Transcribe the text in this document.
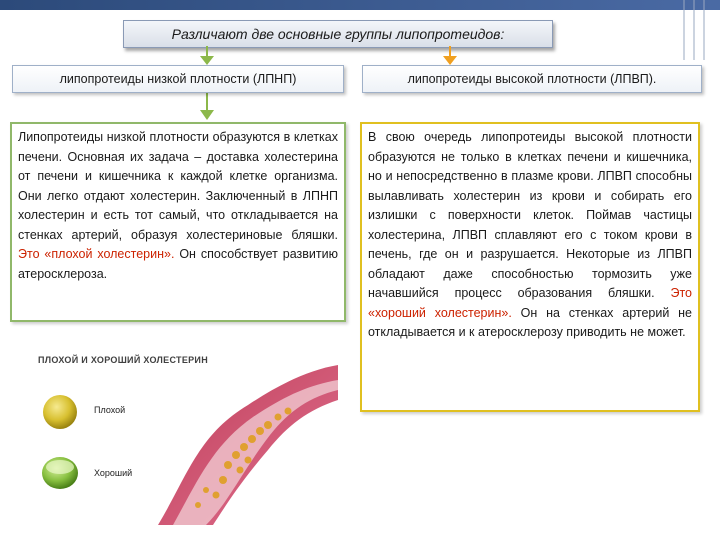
Различают две основные группы липопротеидов:
липопротеиды низкой плотности (ЛПНП)	липопротеиды высокой плотности (ЛПВП).
Липопротеиды низкой плотности образуются в клетках печени. Основная их задача – доставка холестерина от печени и кишечника к каждой клетке организма. Они легко отдают холестерин. Заключенный в ЛПНП холестерин и есть тот самый, что откладывается на стенках артерий, образуя холестериновые бляшки. Это «плохой холестерин». Он способствует развитию атеросклероза.
В свою очередь липопротеиды высокой плотности образуются не только в клетках печени и кишечника, но и непосредственно в плазме крови. ЛПВП способны вылавливать холестерин из крови и собирать его излишки с поверхности клеток. Поймав частицы холестерина, ЛПВП сплавляют его с током крови в печень, где он и разрушается. Некоторые из ЛПВП обладают даже способностью тормозить уже начавшийся процесс образования бляшки. Это «хороший холестерин». Он на стенках артерий не откладывается и к атеросклерозу приводить не может.
ПЛОХОЙ И ХОРОШИЙ ХОЛЕСТЕРИН
Плохой
Хороший
